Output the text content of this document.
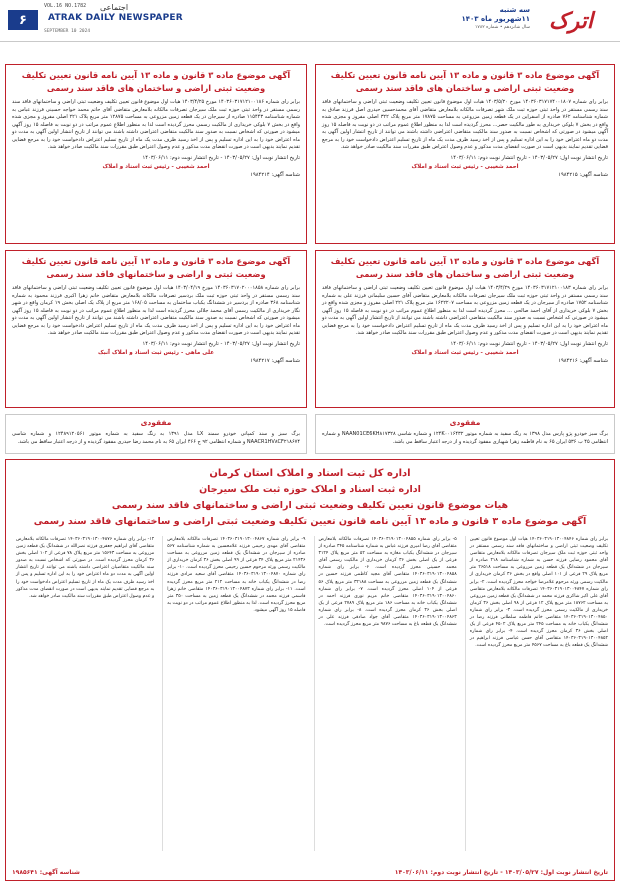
اترک
سه شنبه
۱۱شهریور ماه ۱۴۰۳
سال شانزدهم • شماره ۱۷۸۲
ATRAK DAILY NEWSPAPER
اجتماعی
۶
VOL.16 NO.1782
SEPTEMBER 10 2024
آگهی موضوع ماده ۳ قانون و ماده ۱۳ آیین نامه قانون تعیین تکلیف وضعیت ثبتی اراضی و ساختمان های فاقد سند رسمی
برابر رای شماره ۱۴۰۳۶۰۳۱۷۱۷۴۰۰۱۸۰۷ مورخ ۱۴۰۳/۵/۲۰ هیات اول موضوع قانون تعیین تکلیف وضعیت ثبتی اراضی و ساختمانهای فاقد سند رسمی مستقر در واحد ثبتی حوزه ثبت ملک شهر تصرفات مالکانه بلامعارض متقاضی آقای محمدحسین حیدری اصل فرزند صادق به شماره شناسنامه ۷۶۲ صادره از اسفراین در یک قطعه زمین مزروعی به مساحت ۱۷۸۷۵ متر مربع پلاک ۳۲۲ اصلی مفروز و مجزی شده واقع در بخش ۷ بلوکی خریداری به طور مالکیت حصر... محرز گردیده است لذا به منظور اطلاع عموم مراتب در دو نوبت به فاصله ۱۵ روز آگهی میشود در صورتی که اشخاص نسبت به صدور سند مالکیت متقاضی اعتراضی داشته باشند می توانند از تاریخ انتشار اولین آگهی به مدت دو ماه اعتراض خود را به این اداره تسلیم و پس از اخذ رسید ظرف مدت یک ماه از تاریخ تسلیم اعتراض دادخواست خود را به مرجع قضایی تقدیم نمایند بدیهی است در صورت انقضای مدت مذکور و عدم وصول اعتراض طبق مقررات سند مالکیت صادر خواهد شد.
تاریخ انتشار نوبت اول: ۱۴۰۳/۰۵/۲۷ - تاریخ انتشار نوبت دوم: ۱۴۰۳/۰۶/۱۱
احمد شعیبی - رئیس ثبت اسناد و املاک
شناسه آگهی: ۱۹۸۴۲۱۵
آگهی موضوع ماده ۳ قانون و ماده ۱۳ آیین نامه قانون تعیین تکلیف وضعیت ثبتی اراضی و ساختمان های فاقد سند رسمی
برابر رای شماره ۱۴۰۳۶۰۳۱۷۱۲۱۰۰۱۸۶ مورخ ۱۴۰۳/۴/۲۵ هیات اول موضوع قانون تعیین تکلیف وضعیت ثبتی اراضی و ساختمانهای فاقد سند رسمی مستقر در واحد ثبتی حوزه ثبت ملک سیرجان تصرفات مالکانه بلامعارض متقاضی آقای حاتم محمد خواجه حسینی فرزند عباس به شماره شناسنامه ۱۱۵۴۴۳ صادره از سیرجان در یک قطعه زمین مزروعی به مساحت ۱۲۸۷۵ متر مربع پلاک ۲۲۱ اصلی مفروز و مجزی شده واقع در بخش ۷ بلوکی خریداری از مالکیت رسمی محرز گردیده است لذا به منظور اطلاع عموم مراتب در دو نوبت به فاصله ۱۵ روز آگهی میشود در صورتی که اشخاص نسبت به صدور سند مالکیت متقاضی اعتراضی داشته باشند می توانند از تاریخ انتشار اولین آگهی به مدت دو ماه اعتراض خود را به این اداره تسلیم و پس از اخذ رسید ظرف مدت یک ماه از تاریخ تسلیم اعتراض دادخواست خود را به مرجع قضایی تقدیم نمایند بدیهی است در صورت انقضای مدت مذکور و عدم وصول اعتراض طبق مقررات سند مالکیت صادر خواهد شد.
تاریخ انتشار نوبت اول: ۱۴۰۳/۰۵/۲۷ - تاریخ انتشار نوبت دوم: ۱۴۰۳/۰۶/۱۱
احمد شعیبی - رئیس ثبت اسناد و املاک
شناسه آگهی: ۱۹۸۴۲۱۴
آگهی موضوع ماده ۳ قانون و ماده ۱۳ آیین نامه قانون تعیین تکلیف وضعیت ثبتی اراضی و ساختمان های فاقد سند رسمی
برابر رای شماره ۱۴۰۳۶۰۳۱۷۱۲۱۰۰۱۸۳ مورخ ۱۴۰۳/۴/۲۹ هیات اول موضوع قانون تعیین تکلیف وضعیت ثبتی اراضی و ساختمانهای فاقد سند رسمی مستقر در واحد ثبتی حوزه ثبت ملک سیرجان تصرفات مالکانه بلامعارض متقاضی آقای حسین سلیمانی فرزند علی به شماره شناسنامه ۱۷۵۲ صادره از سیرجان در یک قطعه زمین مزروعی به مساحت ۱۶۲۲۲۰۷ متر مربع پلاک ۲۲۱ اصلی مفروز و مجزی شده واقع در بخش ۷ بلوکی خریداری از آقای احمد صالحی ... محرز گردیده است لذا به منظور اطلاع عموم مراتب در دو نوبت به فاصله ۱۵ روز آگهی میشود در صورتی که اشخاص نسبت به صدور سند مالکیت متقاضی اعتراضی داشته باشند می توانند از تاریخ انتشار اولین آگهی به مدت دو ماه اعتراض خود را به این اداره تسلیم و پس از اخذ رسید ظرف مدت یک ماه از تاریخ تسلیم اعتراض دادخواست خود را به مرجع قضایی تقدیم نمایند بدیهی است در صورت انقضای مدت مذکور و عدم وصول اعتراض طبق مقررات سند مالکیت صادر خواهد شد.
تاریخ انتشار نوبت اول: ۱۴۰۳/۰۵/۲۷ - تاریخ انتشار نوبت دوم: ۱۴۰۳/۰۶/۱۱
احمد شعیبی - رئیس ثبت اسناد و املاک
شناسه آگهی: ۱۹۸۴۲۱۶
آگهی موضوع ماده ۳ قانون و ماده ۱۳ آیین نامه قانون تعیین تکلیف وضعیت ثبتی و اراضی و ساختمانهای فاقد سند رسمی
برابر رای شماره ۱۴۰۳۶۰۳۱۷۰۲۰۰۰۱۸۵۸ مورخ ۱۴۰۳/۰۴/۱۹ هیات اول موضوع قانون تعیین تکلیف وضعیت ثبتی اراضی و ساختمانهای فاقد سند رسمی مستقر در واحد ثبتی حوزه ثبت ملک بردسیر تصرفات مالکانه بلامعارض متقاضی خانم زهرا اکبری فرزند محمود به شماره شناسنامه ۳۶۸ صادره از بردسیر در ششدانگ یکباب ساختمان به مساحت ۱۶۸/۰۵ متر مربع از پلاک یک اصلی بخش ۱۹ کرمان واقع در شهر نگار خریداری از مالکیت رسمی آقای محمد جلالی محرز گردیده است لذا به منظور اطلاع عموم مراتب در دو نوبت به فاصله ۱۵ روز آگهی میشود در صورتی که اشخاص نسبت به صدور سند مالکیت متقاضی اعتراضی داشته باشند می توانند از تاریخ انتشار اولین آگهی به مدت دو ماه اعتراض خود را به این اداره تسلیم و پس از اخذ رسید ظرف مدت یک ماه از تاریخ تسلیم اعتراض دادخواست خود را به مرجع قضایی تقدیم نمایند بدیهی است در صورت انقضای مدت مذکور و عدم وصول اعتراض طبق مقررات سند مالکیت صادر خواهد شد.
تاریخ انتشار نوبت اول: ۱۴۰۳/۰۵/۲۷ - تاریخ انتشار نوبت دوم: ۱۴۰۳/۰۶/۱۱
علی ماهی - رئیس ثبت اسناد و املاک آنبک
شناسه آگهی: ۱۹۸۴۲۱۷
مفقودی
برگ سبز خودرو پژو پارس مدل ۱۳۹۸ به رنگ سفید به شماره موتور ۱۲۴K۰۰۱۶۴۳۲ و شماره شاسی NAAN01CE6KH۸۱۷۳۲۸ و شماره انتظامی ۴۵ ب ۵۳۶ ایران ۶۵ به نام فاطمه زهرا شهبازی مفقود گردیده و از درجه اعتبار ساقط می باشد.
مفقودی
برگ سبز و سند کمپانی خودرو سمند LX مدل ۱۳۹۱ به رنگ سفید به شماره موتور ۱۲۴۸۹۱۲۰۵۶۱ و شماره شاسی NAACR1HV۸CF۲۱۸۶۷۴ و شماره انتظامی ۹۲ ج ۴۶۶ ایران ۶۵ به نام محمد رضا حیدری مفقود گردیده و از درجه اعتبار ساقط می باشد.
اداره کل ثبت اسناد و املاک استان کرمان
اداره ثبت اسناد و املاک حوزه ثبت ملک سیرجان
هیات موضوع قانون تعیین تکلیف وضعیت ثبتی اراضی و ساختمانهای فاقد سند رسمی
آگهی موضوع ماده ۳ قانون و ماده ۱۳ آیین نامه قانون تعیین تکلیف وضعیت ثبتی اراضی و ساختمانهای فاقد سند رسمی
برابر رای شماره ۱۴۰۳۶۰۳۱۹۰۱۳۰۰۴۸۴۶ هیات اول موضوع قانون تعیین تکلیف وضعیت ثبتی اراضی و ساختمانهای فاقد سند رسمی مستقر در واحد ثبتی حوزه ثبت ملک سیرجان تصرفات مالکانه بلامعارض متقاضی آقای محمود رضایی فرزند حسن به شماره شناسنامه ۲۱۸ صادره از سیرجان در ششدانگ یک قطعه زمین مزروعی به مساحت ۲۶۵۱۸ متر مربع پلاک ۲۹ فرعی از ۱۰۱ اصلی واقع در بخش ۳۶ کرمان خریداری از مالکیت رسمی ورثه مرحوم غلامرضا خواجه محرز گردیده است. ۲- برابر رای شماره ۱۴۰۳۶۰۳۱۹۰۱۳۰۰۴۸۴۷ تصرفات مالکانه بلامعارض متقاضی آقای علی اکبر شاکری فرزند محمد در ششدانگ یک قطعه زمین مزروعی به مساحت ۱۸۷۶۲ متر مربع پلاک ۱۲ فرعی از ۹۸ اصلی بخش ۳۶ کرمان خریداری از مالکیت رسمی محرز گردیده است. ۳- برابر رای شماره ۱۴۰۳۶۰۳۱۹۰۱۳۰۰۴۸۵۰ متقاضی خانم فاطمه سلطانی فرزند رضا در ششدانگ یکباب خانه به مساحت ۲۴۵ متر مربع پلاک ۴۵۰۲ فرعی از یک اصلی بخش ۳۶ کرمان محرز گردیده است. ۴- برابر رای شماره ۱۴۰۳۶۰۳۱۹۰۱۳۰۰۴۸۵۲ متقاضی آقای حسن عباسی فرزند ابراهیم در ششدانگ یک قطعه باغ به مساحت ۴۵۶۷ متر مربع محرز گردیده است.
۵- برابر رای شماره ۱۴۰۳۶۰۳۱۹۰۱۳۰۰۴۸۵۵ تصرفات مالکانه بلامعارض متقاضی آقای رضا امیری فرزند عباس به شماره شناسنامه ۳۴۵ صادره از سیرجان در ششدانگ یکباب مغازه به مساحت ۵۲ متر مربع پلاک ۳۱۲۴ فرعی از یک اصلی بخش ۳۶ کرمان خریداری از مالکیت رسمی آقای محمد حسینی محرز گردیده است. ۶- برابر رای شماره ۱۴۰۳۶۰۳۱۹۰۱۳۰۰۴۸۵۸ متقاضی آقای مجید کاظمی فرزند حسین در ششدانگ یک قطعه زمین مزروعی به مساحت ۳۲۱۸۸ متر مربع پلاک ۵۶ فرعی از ۱۰۴ اصلی محرز گردیده است. ۷- برابر رای شماره ۱۴۰۳۶۰۳۱۹۰۱۳۰۰۴۸۶۰ متقاضی خانم مریم نوری فرزند احمد در ششدانگ یکباب خانه به مساحت ۱۸۶ متر مربع پلاک ۲۷۸۹ فرعی از یک اصلی بخش ۳۶ کرمان محرز گردیده است. ۸- برابر رای شماره ۱۴۰۳۶۰۳۱۹۰۱۳۰۰۴۸۶۳ متقاضی آقای جواد صادقی فرزند علی در ششدانگ یک قطعه باغ به مساحت ۹۸۷۶ متر مربع محرز گردیده است.
۹- برابر رای شماره ۱۴۰۳۶۰۳۱۹۰۱۳۰۰۴۸۶۷ تصرفات مالکانه بلامعارض متقاضی آقای مهدی رحیمی فرزند غلامحسین به شماره شناسنامه ۵۶۷ صادره از سیرجان در ششدانگ یک قطعه زمین مزروعی به مساحت ۲۱۴۳۶ متر مربع پلاک ۳۴ فرعی از ۹۹ اصلی بخش ۳۶ کرمان خریداری از مالکیت رسمی ورثه مرحوم حسین رحیمی محرز گردیده است. ۱۰- برابر رای شماره ۱۴۰۳۶۰۳۱۹۰۱۳۰۰۴۸۷۰ متقاضی آقای سعید مرادی فرزند رضا در ششدانگ یکباب خانه به مساحت ۲۱۲ متر مربع محرز گردیده است. ۱۱- برابر رای شماره ۱۴۰۳۶۰۳۱۹۰۱۳۰۰۴۸۷۳ متقاضی خانم زهرا قاسمی فرزند محمد در ششدانگ یک قطعه زمین به مساحت ۳۵۰ متر مربع محرز گردیده است. لذا به منظور اطلاع عموم مراتب در دو نوبت به فاصله ۱۵ روز آگهی میشود.
۱۲- برابر رای شماره ۱۴۰۳۶۰۳۱۹۰۱۳۰۰۴۸۷۶ تصرفات مالکانه بلامعارض متقاضی آقای ابراهیم جعفری فرزند نصرالله در ششدانگ یک قطعه زمین مزروعی به مساحت ۱۵۶۴۳ متر مربع پلاک ۷۸ فرعی از ۱۰۲ اصلی بخش ۳۶ کرمان محرز گردیده است. در صورتی که اشخاص نسبت به صدور سند مالکیت متقاضیان اعتراضی داشته باشند می توانند از تاریخ انتشار اولین آگهی به مدت دو ماه اعتراض خود را به این اداره تسلیم و پس از اخذ رسید ظرف مدت یک ماه از تاریخ تسلیم اعتراض دادخواست خود را به مرجع قضایی تقدیم نمایند بدیهی است در صورت انقضای مدت مذکور و عدم وصول اعتراض طبق مقررات سند مالکیت صادر خواهد شد.
تاریخ انتشار نوبت اول: ۱۴۰۳/۰۵/۲۷ - تاریخ انتشار نوبت دوم: ۱۴۰۳/۰۶/۱۱
شناسه آگهی: ۱۹۸۵۶۴۱
